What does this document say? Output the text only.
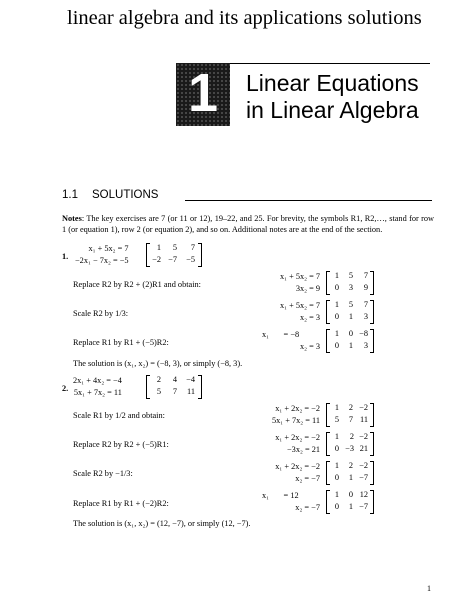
linear algebra and its applications solutions
1	Linear Equations
in Linear Algebra
1.1 SOLUTIONS
Notes: The key exercises are 7 (or 11 or 12), 19–22, and 25. For brevity, the symbols R1, R2,…, stand for row 1 (or equation 1), row 2 (or equation 2), and so on. Additional notes are at the end of the section.
1.
x₁ + 5x₂ = 7
−2x₁ − 7x₂ = −5
1	5	7
−2 −7	−5
Replace R2 by R2 + (2)R1 and obtain:
x₁ + 5x₂ = 7
3x₂ = 9
1	5	7
0	3	9
Scale R2 by 1/3:
x₁ + 5x₂ = 7
x₂ = 3
1	5	7
0	1	3
Replace R1 by R1 + (−5)R2:
x₁       = −8
x₂ = 3
1	0 −8
0	1	3
The solution is (x₁, x₂) = (−8, 3), or simply (−8, 3).
2.
2x₁ + 4x₂ = −4
5x₁ + 7x₂ = 11
2	4	−4
5	7	11
Scale R1 by 1/2 and obtain:
x₁ + 2x₂ = −2
5x₁ + 7x₂ = 11
1	2 −2
5	7 11
Replace R2 by R2 + (−5)R1:
x₁ + 2x₂ = −2
−3x₂ = 21
1	2 −2
0 −3 21
Scale R2 by −1/3:
x₁ + 2x₂ = −2
x₂ = −7
1	2 −2
0	1 −7
Replace R1 by R1 + (−2)R2:
x₁       = 12
x₂ = −7
1	0 12
0	1 −7
The solution is (x₁, x₂) = (12, −7), or simply (12, −7).
1
